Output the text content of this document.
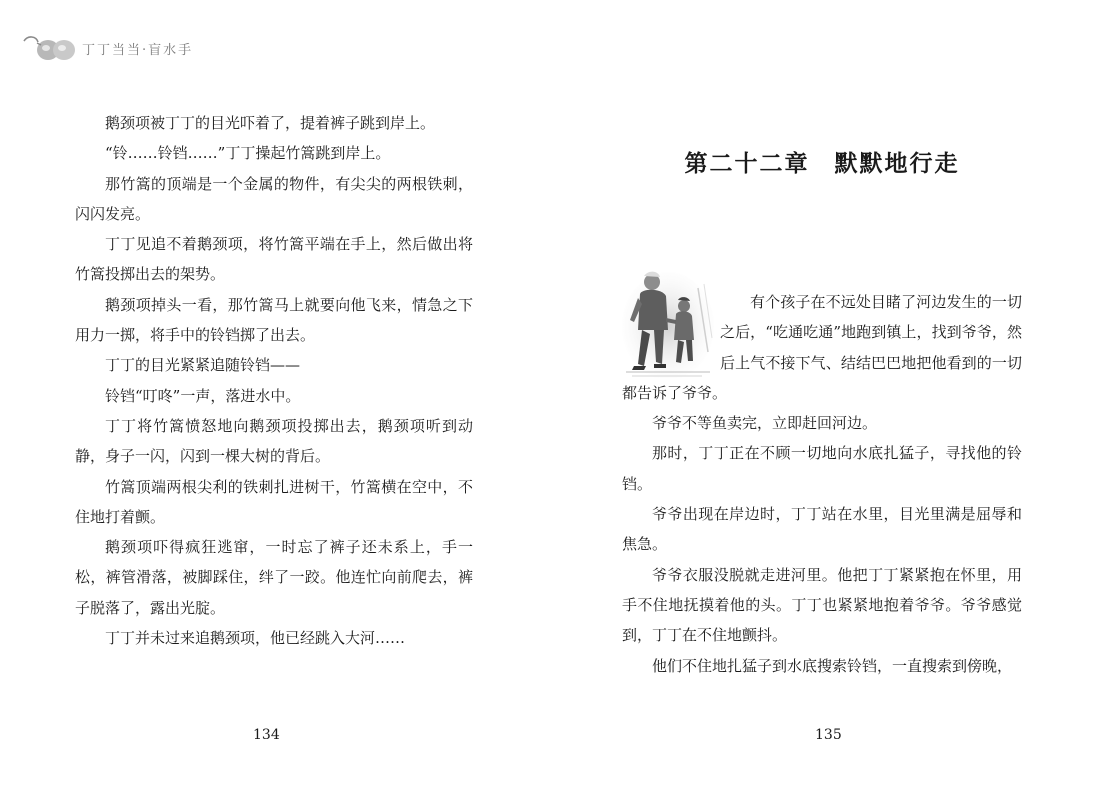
丁丁当当·盲水手

鹅颈项被丁丁的目光吓着了，提着裤子跳到岸上。

“铃……铃铛……”丁丁操起竹篙跳到岸上。

那竹篙的顶端是一个金属的物件，有尖尖的两根铁刺，闪闪发亮。

丁丁见追不着鹅颈项，将竹篙平端在手上，然后做出将竹篙投掷出去的架势。

鹅颈项掉头一看，那竹篙马上就要向他飞来，情急之下用力一掷，将手中的铃铛掷了出去。

丁丁的目光紧紧追随铃铛——

铃铛“叮咚”一声，落进水中。

丁丁将竹篙愤怒地向鹅颈项投掷出去，鹅颈项听到动静，身子一闪，闪到一棵大树的背后。

竹篙顶端两根尖利的铁刺扎进树干，竹篙横在空中，不住地打着颤。

鹅颈项吓得疯狂逃窜，一时忘了裤子还未系上，手一松，裤管滑落，被脚踩住，绊了一跤。他连忙向前爬去，裤子脱落了，露出光腚。

丁丁并未过来追鹅颈项，他已经跳入大河……

134
第二十二章　默默地行走

有个孩子在不远处目睹了河边发生的一切之后，“吃通吃通”地跑到镇上，找到爷爷，然后上气不接下气、结结巴巴地把他看到的一切都告诉了爷爷。

爷爷不等鱼卖完，立即赶回河边。

那时，丁丁正在不顾一切地向水底扎猛子，寻找他的铃铛。

爷爷出现在岸边时，丁丁站在水里，目光里满是屈辱和焦急。

爷爷衣服没脱就走进河里。他把丁丁紧紧抱在怀里，用手不住地抚摸着他的头。丁丁也紧紧地抱着爷爷。爷爷感觉到，丁丁在不住地颤抖。

他们不住地扎猛子到水底搜索铃铛，一直搜索到傍晚，

135
